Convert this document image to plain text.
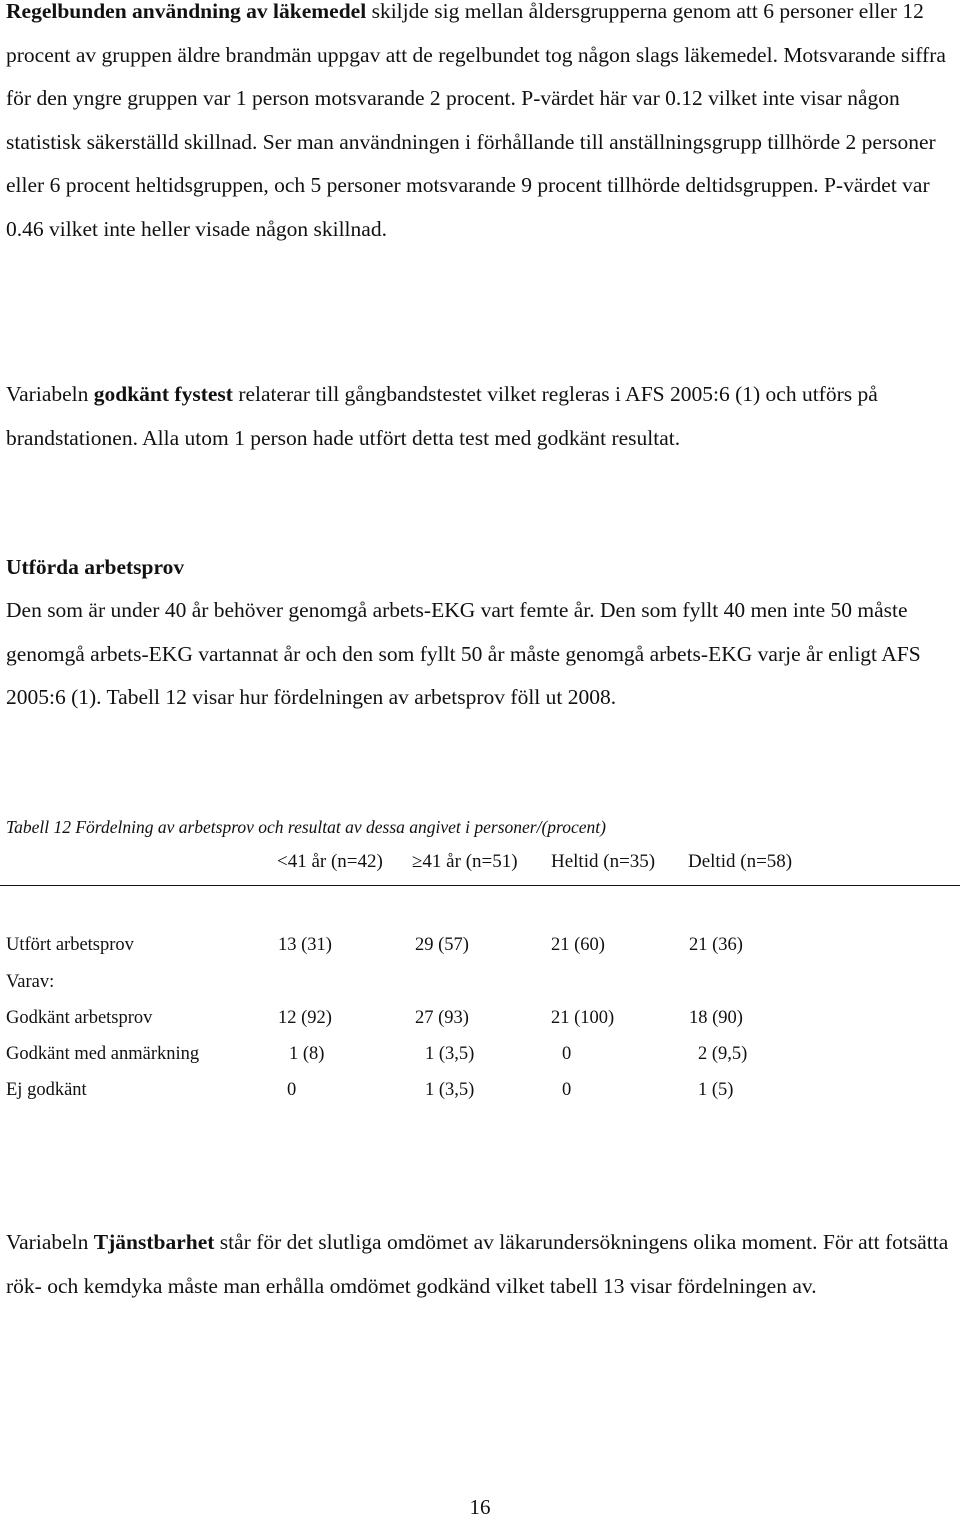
Regelbunden användning av läkemedel skiljde sig mellan åldersgrupperna genom att 6 personer eller 12 procent av gruppen äldre brandmän uppgav att de regelbundet tog någon slags läkemedel. Motsvarande siffra för den yngre gruppen var 1 person motsvarande 2 procent. P-värdet här var 0.12 vilket inte visar någon statistisk säkerställd skillnad. Ser man användningen i förhållande till anställningsgrupp tillhörde 2 personer eller 6 procent heltidsgruppen, och 5 personer motsvarande 9 procent tillhörde deltidsgruppen. P-värdet var 0.46 vilket inte heller visade någon skillnad.

Variabeln godkänt fystest relaterar till gångbandstestet vilket regleras i AFS 2005:6 (1) och utförs på brandstationen. Alla utom 1 person hade utfört detta test med godkänt resultat.

Utförda arbetsprov

Den som är under 40 år behöver genomgå arbets-EKG vart femte år. Den som fyllt 40 men inte 50 måste genomgå arbets-EKG vartannat år och den som fyllt 50 år måste genomgå arbets-EKG varje år enligt AFS 2005:6 (1). Tabell 12 visar hur fördelningen av arbetsprov föll ut 2008.

Tabell 12 Fördelning av arbetsprov och resultat av dessa angivet i personer/(procent)

<41 år (n=42) ≥41 år (n=51) Heltid (n=35) Deltid (n=58)
Utfört arbetsprov	13 (31)	29 (57)	21 (60)	21 (36)
Varav:
Godkänt arbetsprov	12 (92)	27 (93)	21 (100)	18 (90)
Godkänt med anmärkning	1 (8)	1 (3,5)	0	2 (9,5)
Ej godkänt	0	1 (3,5)	0	1 (5)

Variabeln Tjänstbarhet står för det slutliga omdömet av läkarundersökningens olika moment. För att fotsätta rök- och kemdyka måste man erhålla omdömet godkänd vilket tabell 13 visar fördelningen av.

16
